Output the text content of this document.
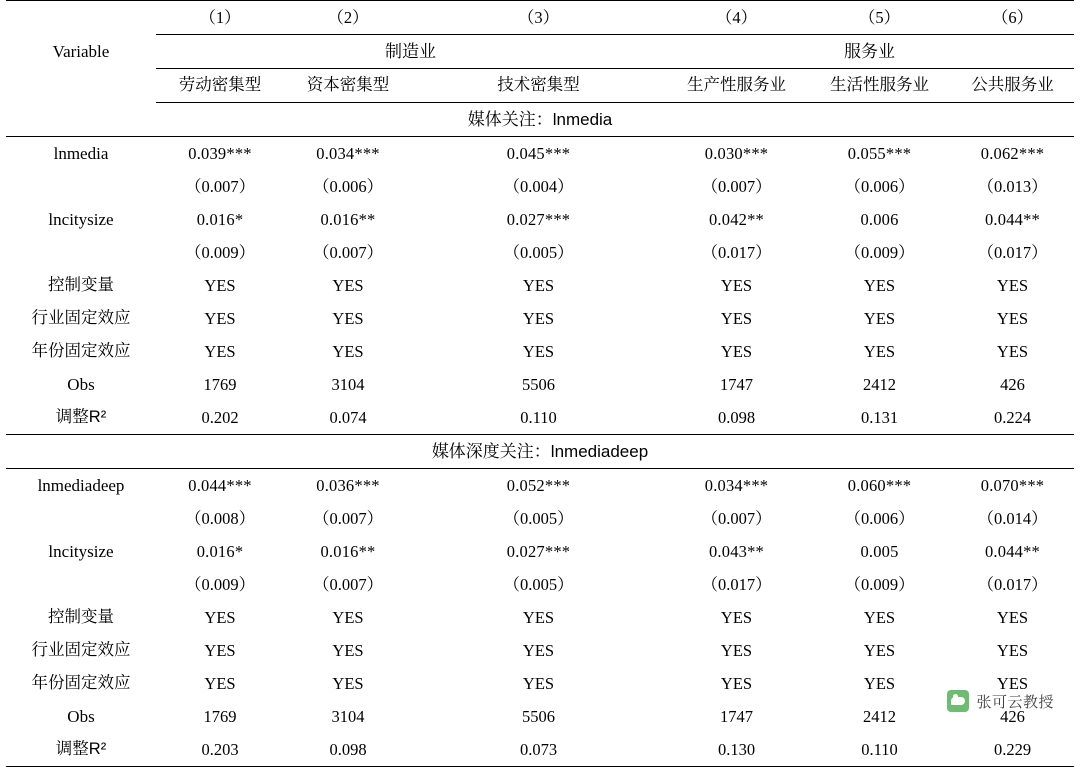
Variable	（1）	（2）	（3）	（4）	（5）	（6）
	制造业			服务业		
	劳动密集型	资本密集型	技术密集型	生产性服务业	生活性服务业	公共服务业
媒体关注：lnmedia						
lnmedia	0.039***	0.034***	0.045***	0.030***	0.055***	0.062***
	（0.007）	（0.006）	（0.004）	（0.007）	（0.006）	（0.013）
lncitysize	0.016*	0.016**	0.027***	0.042**	0.006	0.044**
	（0.009）	（0.007）	（0.005）	（0.017）	（0.009）	（0.017）
控制变量	YES	YES	YES	YES	YES	YES
行业固定效应	YES	YES	YES	YES	YES	YES
年份固定效应	YES	YES	YES	YES	YES	YES
Obs	1769	3104	5506	1747	2412	426
调整R²	0.202	0.074	0.110	0.098	0.131	0.224
媒体深度关注：lnmediadeep						
lnmediadeep	0.044***	0.036***	0.052***	0.034***	0.060***	0.070***
	（0.008）	（0.007）	（0.005）	（0.007）	（0.006）	（0.014）
lncitysize	0.016*	0.016**	0.027***	0.043**	0.005	0.044**
	（0.009）	（0.007）	（0.005）	（0.017）	（0.009）	（0.017）
控制变量	YES	YES	YES	YES	YES	YES
行业固定效应	YES	YES	YES	YES	YES	YES
年份固定效应	YES	YES	YES	YES	YES	YES
Obs	1769	3104	5506	1747	2412	426
调整R²	0.203	0.098	0.073	0.130	0.110	0.229
张可云教授
